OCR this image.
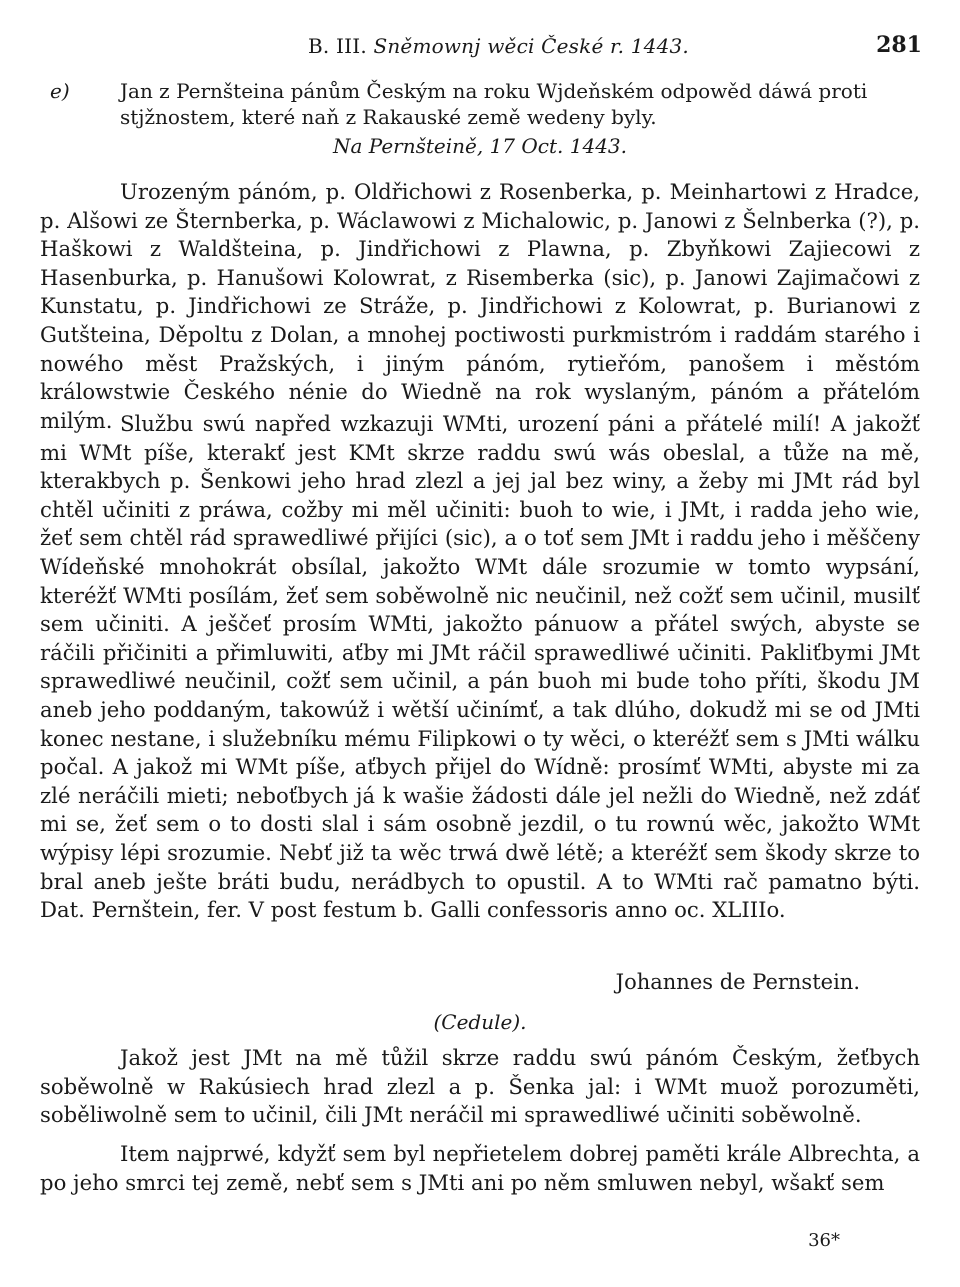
B. III. Sněmownj wěci České r. 1443.	281
e)	Jan z Pernšteina pánům Českým na roku Wjdeňském odpowěd dáwá proti stjžnostem, které naň z Rakauské země wedeny byly.
Na Pernšteině, 17 Oct. 1443.
Urozeným pánóm, p. Oldřichowi z Rosenberka, p. Meinhartowi z Hradce, p. Alšowi ze Šternberka, p. Wáclawowi z Michalowic, p. Janowi z Šelnberka (?), p. Haškowi z Waldšteina, p. Jindřichowi z Plawna, p. Zbyňkowi Zajiecowi z Hasenburka, p. Hanušowi Kolowrat, z Risemberka (sic), p. Janowi Zajimačowi z Kunstatu, p. Jindřichowi ze Stráže, p. Jindřichowi z Kolowrat, p. Burianowi z Gutšteina, Děpoltu z Dolan, a mnohej poctiwosti purkmistróm i raddám starého i nowého měst Pražských, i jiným pánóm, rytieřóm, panošem i městóm králowstwie Českého nénie do Wiedně na rok wyslaným, pánóm a přátelóm milým. Službu swú napřed wzkazuji WMti, urození páni a přátelé milí! A jakožť mi WMt píše, kterakť jest KMt skrze raddu swú wás obeslal, a tůže na mě, kterakbych p. Šenkowi jeho hrad zlezl a jej jal bez winy, a žeby mi JMt rád byl chtěl učiniti z práwa, cožby mi měl učiniti: buoh to wie, i JMt, i radda jeho wie, žeť sem chtěl rád sprawedliwé přijíci (sic), a o toť sem JMt i raddu jeho i měščeny Wídeňské mnohokrát obsílal, jakožto WMt dále srozumie w tomto wypsání, kteréžť WMti posílám, žeť sem soběwolně nic neučinil, než cožť sem učinil, musilť sem učiniti. A ješčeť prosím WMti, jakožto pánuow a přátel swých, abyste se ráčili přičiniti a přimluwiti, aťby mi JMt ráčil sprawedliwé učiniti. Pakliťbymi JMt sprawedliwé neučinil, cožť sem učinil, a pán buoh mi bude toho příti, škodu JM aneb jeho poddaným, takowúž i wětší učinímť, a tak dlúho, dokudž mi se od JMti konec nestane, i služebníku mému Filipkowi o ty wěci, o kteréžť sem s JMti wálku počal. A jakož mi WMt píše, aťbych přijel do Wídně: prosímť WMti, abyste mi za zlé neráčili mieti; neboťbych já k wašie žádosti dále jel nežli do Wiedně, než zdáť mi se, žeť sem o to dosti slal i sám osobně jezdil, o tu rownú wěc, jakožto WMt wýpisy lépi srozumie. Nebť již ta wěc trwá dwě létě; a kteréžť sem škody skrze to bral aneb ješte bráti budu, nerádbych to opustil. A to WMti rač pamatno býti. Dat. Pernštein, fer. V post festum b. Galli confessoris anno oc. XLIIIo.
Johannes de Pernstein.
(Cedule).
Jakož jest JMt na mě tůžil skrze raddu swú pánóm Českým, žeťbych soběwolně w Rakúsiech hrad zlezl a p. Šenka jal: i WMt muož porozuměti, soběliwolně sem to učinil, čili JMt neráčil mi sprawedliwé učiniti soběwolně.
Item najprwé, kdyžť sem byl nepřietelem dobrej paměti krále Albrechta, a po jeho smrci tej země, nebť sem s JMti ani po něm smluwen nebyl, wšakť sem
36*
